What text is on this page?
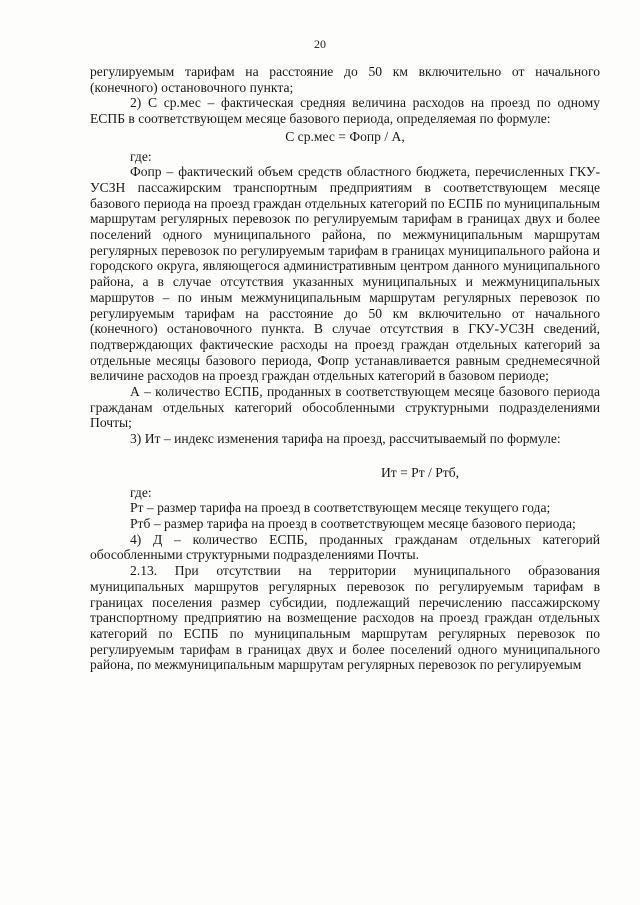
20

регулируемым тарифам на расстояние до 50 км включительно от начального (конечного) остановочного пункта;

2) С ср.мес – фактическая средняя величина расходов на проезд по одному ЕСПБ в соответствующем месяце базового периода, определяемая по формуле:

С ср.мес = Фопр / А,

где:

Фопр – фактический объем средств областного бюджета, перечисленных ГКУ-УСЗН пассажирским транспортным предприятиям в соответствующем месяце базового периода на проезд граждан отдельных категорий по ЕСПБ по муниципальным маршрутам регулярных перевозок по регулируемым тарифам в границах двух и более поселений одного муниципального района, по межмуниципальным маршрутам регулярных перевозок по регулируемым тарифам в границах муниципального района и городского округа, являющегося административным центром данного муниципального района, а в случае отсутствия указанных муниципальных и межмуниципальных маршрутов – по иным межмуниципальным маршрутам регулярных перевозок по регулируемым тарифам на расстояние до 50 км включительно от начального (конечного) остановочного пункта. В случае отсутствия в ГКУ-УСЗН сведений, подтверждающих фактические расходы на проезд граждан отдельных категорий за отдельные месяцы базового периода, Фопр устанавливается равным среднемесячной величине расходов на проезд граждан отдельных категорий в базовом периоде;

А – количество ЕСПБ, проданных в соответствующем месяце базового периода гражданам отдельных категорий обособленными структурными подразделениями Почты;

3) Ит – индекс изменения тарифа на проезд, рассчитываемый по формуле:

Ит = Рт / Ртб,

где:

Рт – размер тарифа на проезд в соответствующем месяце текущего года;

Ртб – размер тарифа на проезд в соответствующем месяце базового периода;

4) Д – количество ЕСПБ, проданных гражданам отдельных категорий обособленными структурными подразделениями Почты.

2.13. При отсутствии на территории муниципального образования муниципальных маршрутов регулярных перевозок по регулируемым тарифам в границах поселения размер субсидии, подлежащий перечислению пассажирскому транспортному предприятию на возмещение расходов на проезд граждан отдельных категорий по ЕСПБ по муниципальным маршрутам регулярных перевозок по регулируемым тарифам в границах двух и более поселений одного муниципального района, по межмуниципальным маршрутам регулярных перевозок по регулируемым
